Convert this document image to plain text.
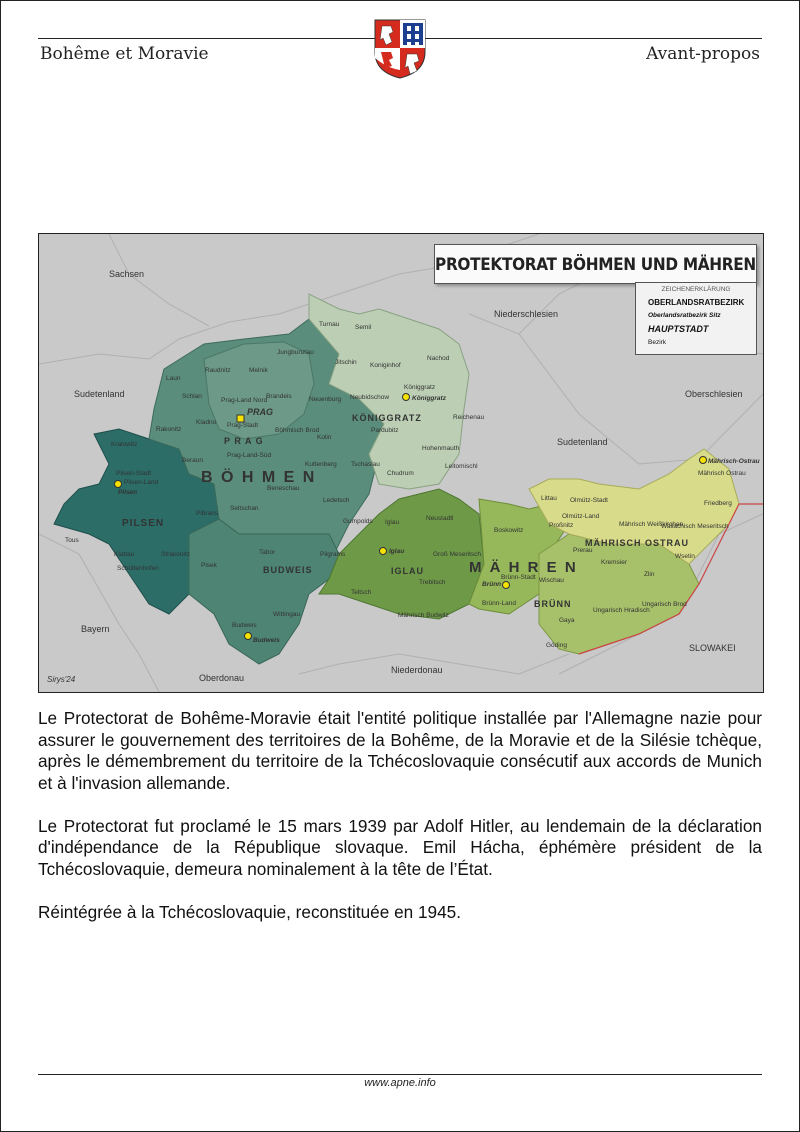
Bohême et Moravie	Avant-propos
Sachsen
Niederschlesien
Sudetenland
Sudetenland
Oberschlesien
Bayern
Oberdonau
Niederdonau
SLOWAKEI
B Ö H M E N
M Ä H R E N
P R A G
PILSEN
BUDWEIS
KÖNIGGRATZ
IGLAU
BRÜNN
MÄHRISCH OSTRAU
Turnau Semil
Jungbunzlau
Melnik
Raudnitz
Laun
Schlan
Kladno
Rakonitz
Kralowitz
Pilsen-Stadt
Pilsen-Land
Tous
Klattau	Strakonitz
Schüttenhofen	Pisek
Tabor
Wittingau
Budweis
Pilgrams
Beneschau
Seltschan
Pibrans
Beraun
Prag-Land Nord
Prag-Stadt
Prag-Land-Süd
Böhmisch Brod
Brandeis
Kolin
Kuttenberg Tschaslau
Ledetsch
Gumpolds
Chudrum
Jitschin
Neubidschow
Koniginhof
Nachod
Königgratz
Pardubitz
Reichenau
Hohenmauth
Leitomischl
Neuenburg
Iglau
Neustadtl
Groß Meseritsch
Trebitsch
Teltsch
Mährisch Budwitz
Boskowitz
Brünn-Stadt
Brünn-Land
Wischau
Gaya
Göding
Ungarisch Hradisch
Ungarisch Brod
Zlin
Kremsier
Prerau
Proßnitz
Olmütz-Stadt
Olmütz-Land
Littau
Mährisch Weißkirchen
Wallachisch Meseritsch
Friedberg
Mährisch Ostrau
Wsetin
PRAG
Königgratz
Pilsen
Budweis
Iglau
Brünn
Mährisch-Ostrau
Sirys'24
PROTEKTORAT BÖHMEN UND MÄHREN
ZEICHENERKLÄRUNG
OBERLANDSRATBEZIRK
Oberlandsratbezirk Sitz
HAUPTSTADT
Bezirk

Le Protectorat de Bohême-Moravie était l'entité politique installée par l'Allemagne nazie pour assurer le gouvernement des territoires de la Bohême, de la Moravie et de la Silésie tchèque, après le démembrement du territoire de la Tchécoslovaquie consécutif aux accords de Munich et à l'invasion allemande.

Le Protectorat fut proclamé le 15 mars 1939 par Adolf Hitler, au lendemain de la déclaration d'indépendance de la République slovaque. Emil Hácha, éphémère président de la Tchécoslovaquie, demeura nominalement à la tête de l’État.

Réintégrée à la Tchécoslovaquie, reconstituée en 1945.

www.apne.info
